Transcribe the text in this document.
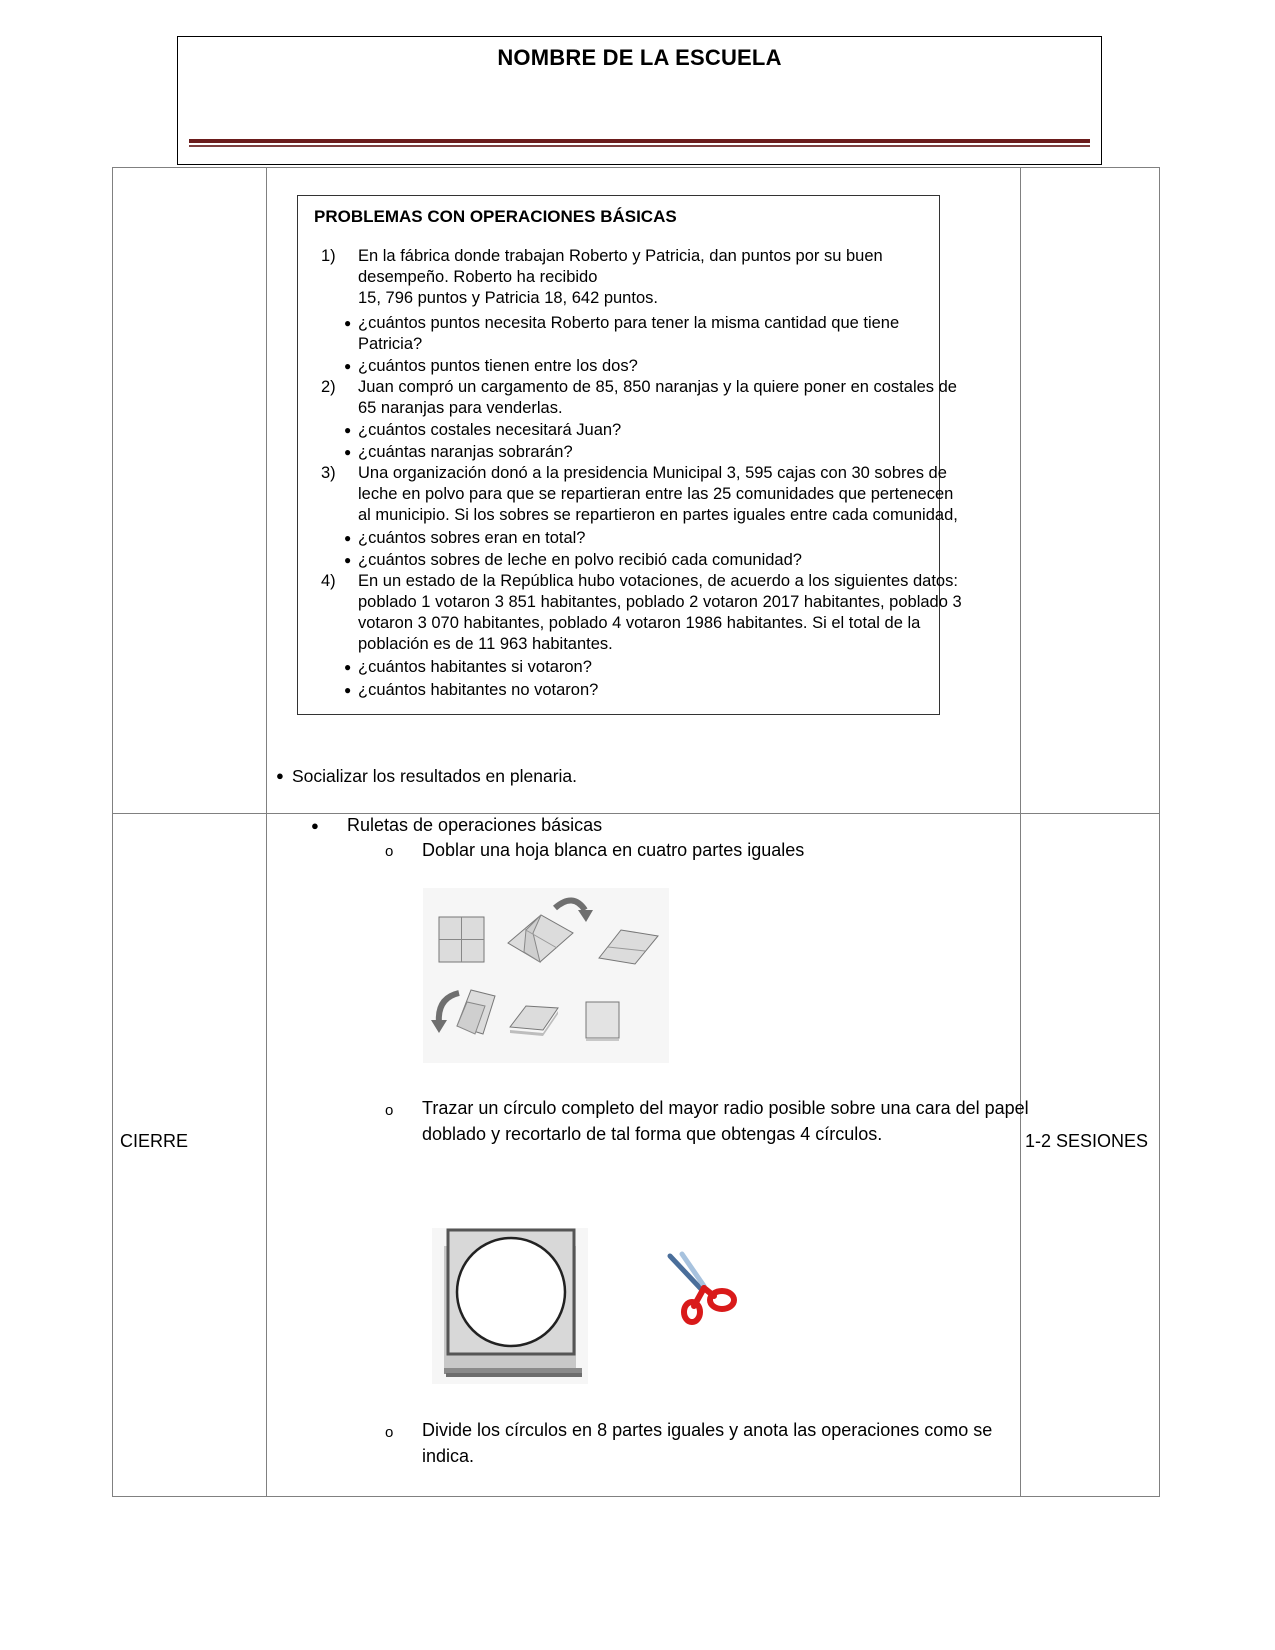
NOMBRE DE LA ESCUELA
PROBLEMAS CON OPERACIONES BÁSICAS
1) En la fábrica donde trabajan Roberto y Patricia, dan puntos por su buen
desempeño. Roberto ha recibido
15, 796 puntos y Patricia 18, 642 puntos.
● ¿cuántos puntos necesita Roberto para tener la misma cantidad que tiene
Patricia?
● ¿cuántos puntos tienen entre los dos?
2) Juan compró un cargamento de 85, 850 naranjas y la quiere poner en costales de
65 naranjas para venderlas.
● ¿cuántos costales necesitará Juan?
● ¿cuántas naranjas sobrarán?
3) Una organización donó a la presidencia Municipal 3, 595 cajas con 30 sobres de
leche en polvo para que se repartieran entre las 25 comunidades que pertenecen
al municipio. Si los sobres se repartieron en partes iguales entre cada comunidad,
● ¿cuántos sobres eran en total?
● ¿cuántos sobres de leche en polvo recibió cada comunidad?
4) En un estado de la República hubo votaciones, de acuerdo a los siguientes datos:
poblado 1 votaron 3 851 habitantes, poblado 2 votaron 2017 habitantes, poblado 3
votaron 3 070 habitantes, poblado 4 votaron 1986 habitantes. Si el total de la
población es de 11 963 habitantes.
● ¿cuántos habitantes si votaron?
● ¿cuántos habitantes no votaron?
● Socializar los resultados en plenaria.
CIERRE	1-2 SESIONES
● Ruletas de operaciones básicas
o Doblar una hoja blanca en cuatro partes iguales
o Trazar un círculo completo del mayor radio posible sobre una cara del papel
doblado y recortarlo de tal forma que obtengas 4 círculos.
o Divide los círculos en 8 partes iguales y anota las operaciones como se
indica.
